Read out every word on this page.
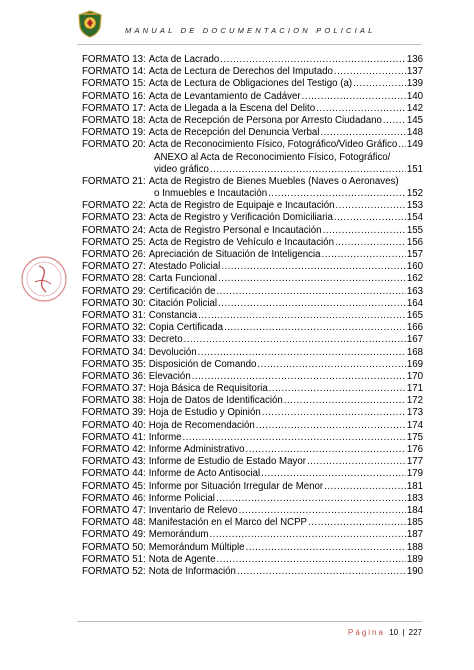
MANUAL DE DOCUMENTACION POLICIAL
FORMATO 13: Acta de Lacrado .....	136
FORMATO 14: Acta de Lectura de Derechos del Imputado .....	137
FORMATO 15: Acta de Lectura de Obligaciones del Testigo (a) .....	139
FORMATO 16: Acta de Levantamiento de Cadáver .....	140
FORMATO 17: Acta de Llegada a la Escena del Delito .....	142
FORMATO 18: Acta de Recepción de Persona por Arresto Ciudadano .....	145
FORMATO 19: Acta de Recepción del Denuncia Verbal .....	148
FORMATO 20: Acta de Reconocimiento Físico, Fotográfico/Video Gráfico ..... 149
ANEXO al Acta de Reconocimiento Físico, Fotográfico/
video gráfico .....	151
FORMATO 21: Acta de Registro de Bienes Muebles (Naves o Aeronaves)
o Inmuebles e Incautación .....	152
FORMATO 22: Acta de Registro de Equipaje e Incautación .....	153
FORMATO 23: Acta de Registro y Verificación Domiciliaria .....	154
FORMATO 24: Acta de Registro Personal e Incautación .....	155
FORMATO 25: Acta de Registro de Vehículo e Incautación .....	156
FORMATO 26: Apreciación de Situación de Inteligencia .....	157
FORMATO 27: Atestado Policial .....	160
FORMATO 28: Carta Funcional .....	162
FORMATO 29: Certificación de .....	163
FORMATO 30: Citación Policial .....	164
FORMATO 31: Constancia .....	165
FORMATO 32: Copia Certificada .....	166
FORMATO 33: Decreto .....	167
FORMATO 34: Devolución .....	168
FORMATO 35: Disposición de Comando .....	169
FORMATO 36: Elevación .....	170
FORMATO 37: Hoja Básica de Requisitoria .....	171
FORMATO 38: Hoja de Datos de Identificación .....	172
FORMATO 39: Hoja de Estudio y Opinión .....	173
FORMATO 40: Hoja de Recomendación .....	174
FORMATO 41: Informe .....	175
FORMATO 42: Informe Administrativo .....	176
FORMATO 43: Informe de Estudio de Estado Mayor .....	177
FORMATO 44: Informe de Acto Antisocial .....	179
FORMATO 45: Informe por Situación Irregular de Menor .....	181
FORMATO 46: Informe Policial .....	183
FORMATO 47: Inventario de Relevo .....	184
FORMATO 48: Manifestación en el Marco del NCPP .....	185
FORMATO 49: Memorándum .....	187
FORMATO 50: Memorándum Múltiple .....	188
FORMATO 51: Nota de Agente .....	189
FORMATO 52: Nota de Información .....	190
Página 10 | 227
